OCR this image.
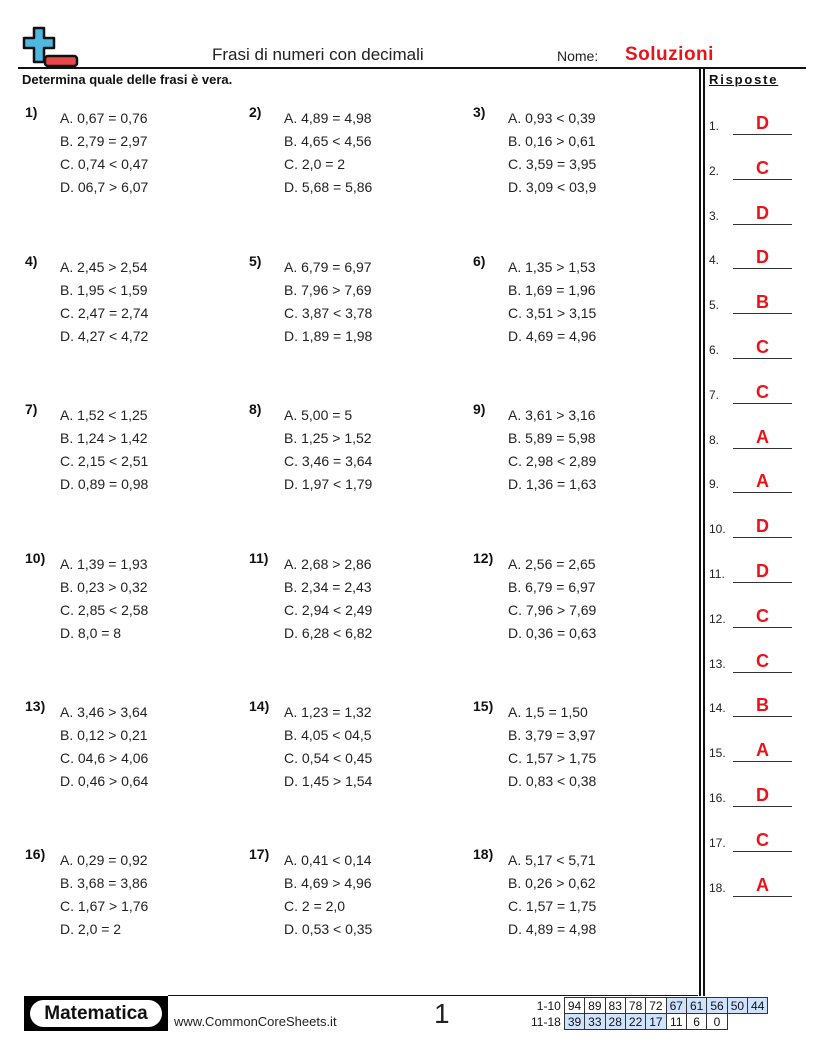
Frasi di numeri con decimali	Nome: Soluzioni
Determina quale delle frasi è vera.	Risposte
1) A. 0,67 = 0,76
B. 2,79 = 2,97
C. 0,74 < 0,47
D. 06,7 > 6,07
2) A. 4,89 = 4,98
B. 4,65 < 4,56
C. 2,0 = 2
D. 5,68 = 5,86
3) A. 0,93 < 0,39
B. 0,16 > 0,61
C. 3,59 = 3,95
D. 3,09 < 03,9
4) A. 2,45 > 2,54
B. 1,95 < 1,59
C. 2,47 = 2,74
D. 4,27 < 4,72
5) A. 6,79 = 6,97
B. 7,96 > 7,69
C. 3,87 < 3,78
D. 1,89 = 1,98
6) A. 1,35 > 1,53
B. 1,69 = 1,96
C. 3,51 > 3,15
D. 4,69 = 4,96
7) A. 1,52 < 1,25
B. 1,24 > 1,42
C. 2,15 < 2,51
D. 0,89 = 0,98
8) A. 5,00 = 5
B. 1,25 > 1,52
C. 3,46 = 3,64
D. 1,97 < 1,79
9) A. 3,61 > 3,16
B. 5,89 = 5,98
C. 2,98 < 2,89
D. 1,36 = 1,63
10) A. 1,39 = 1,93
B. 0,23 > 0,32
C. 2,85 < 2,58
D. 8,0 = 8
11) A. 2,68 > 2,86
B. 2,34 = 2,43
C. 2,94 < 2,49
D. 6,28 < 6,82
12) A. 2,56 = 2,65
B. 6,79 = 6,97
C. 7,96 > 7,69
D. 0,36 = 0,63
13) A. 3,46 > 3,64
B. 0,12 > 0,21
C. 04,6 > 4,06
D. 0,46 > 0,64
14) A. 1,23 = 1,32
B. 4,05 < 04,5
C. 0,54 < 0,45
D. 1,45 > 1,54
15) A. 1,5 = 1,50
B. 3,79 = 3,97
C. 1,57 > 1,75
D. 0,83 < 0,38
16) A. 0,29 = 0,92
B. 3,68 = 3,86
C. 1,67 > 1,76
D. 2,0 = 2
17) A. 0,41 < 0,14
B. 4,69 > 4,96
C. 2 = 2,0
D. 0,53 < 0,35
18) A. 5,17 < 5,71
B. 0,26 > 0,62
C. 1,57 = 1,75
D. 4,89 = 4,98
1.	D
2.	C
3.	D
4.	D
5.	B
6.	C
7.	C
8.	A
9.	A
10.	D
11.	D
12.	C
13.	C
14.	B
15.	A
16.	D
17.	C
18.	A
Matematica	www.CommonCoreSheets.it	1	1-10	94	89	83	78	72	67	61	56	50	44
11-18	39	33	28	22	17	11	6	0		
